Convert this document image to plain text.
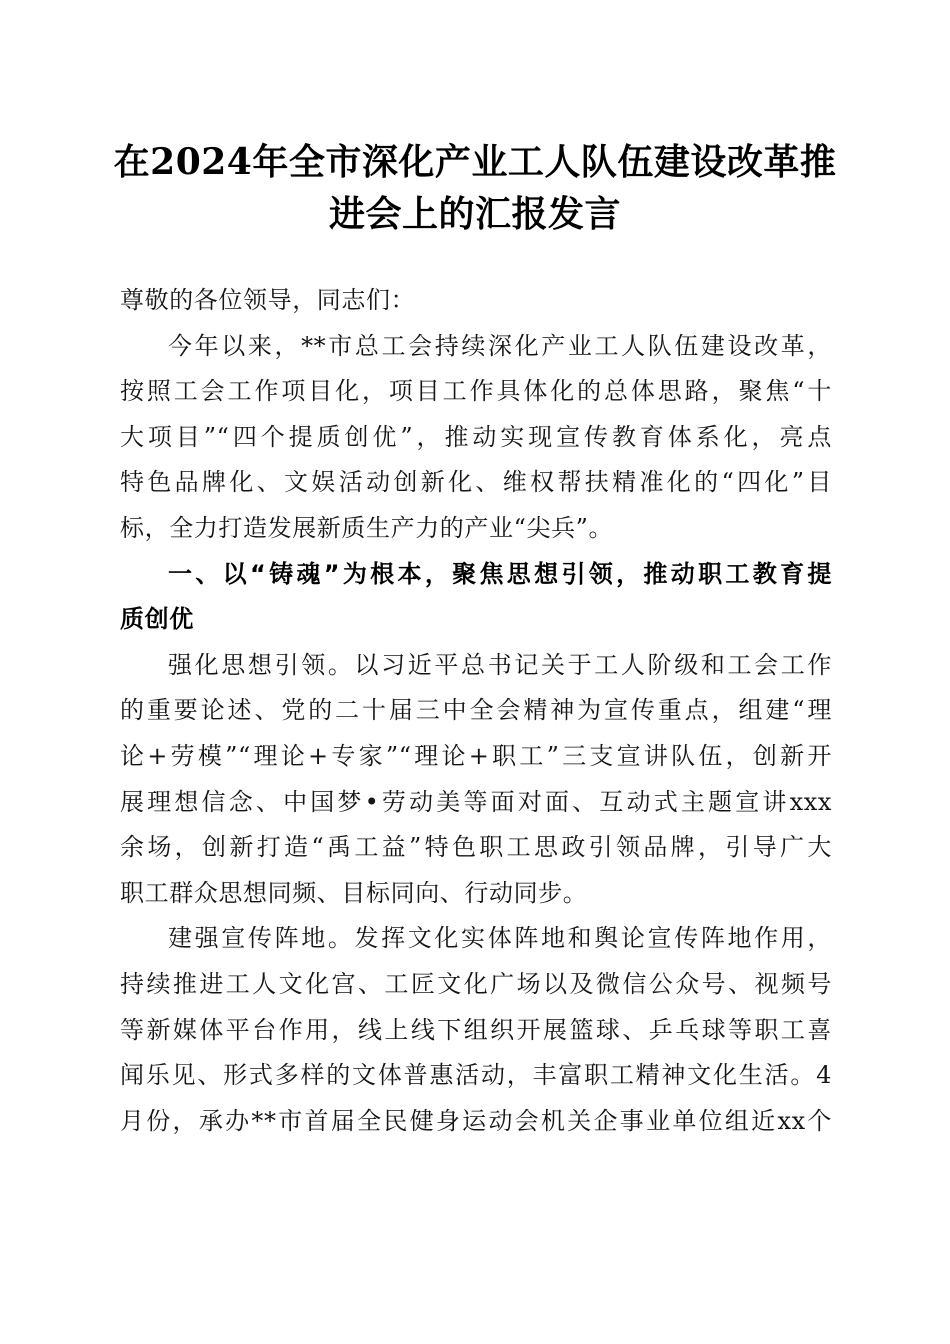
在2024年全市深化产业工人队伍建设改革推
进会上的汇报发言
尊敬的各位领导，同志们：
今年以来，**市总工会持续深化产业工人队伍建设改革，
按照工会工作项目化，项目工作具体化的总体思路，聚焦“十
大项目”“四个提质创优”，推动实现宣传教育体系化，亮点
特色品牌化、文娱活动创新化、维权帮扶精准化的“四化”目
标，全力打造发展新质生产力的产业“尖兵”。
一、以“铸魂”为根本，聚焦思想引领，推动职工教育提
质创优
强化思想引领。以习近平总书记关于工人阶级和工会工作
的重要论述、党的二十届三中全会精神为宣传重点，组建“理
论+劳模”“理论+专家”“理论+职工”三支宣讲队伍，创新开
展理想信念、中国梦•劳动美等面对面、互动式主题宣讲xxx
余场，创新打造“禹工益”特色职工思政引领品牌，引导广大
职工群众思想同频、目标同向、行动同步。
建强宣传阵地。发挥文化实体阵地和舆论宣传阵地作用，
持续推进工人文化宫、工匠文化广场以及微信公众号、视频号
等新媒体平台作用，线上线下组织开展篮球、乒乓球等职工喜
闻乐见、形式多样的文体普惠活动，丰富职工精神文化生活。4
月份，承办**市首届全民健身运动会机关企事业单位组近xx个
